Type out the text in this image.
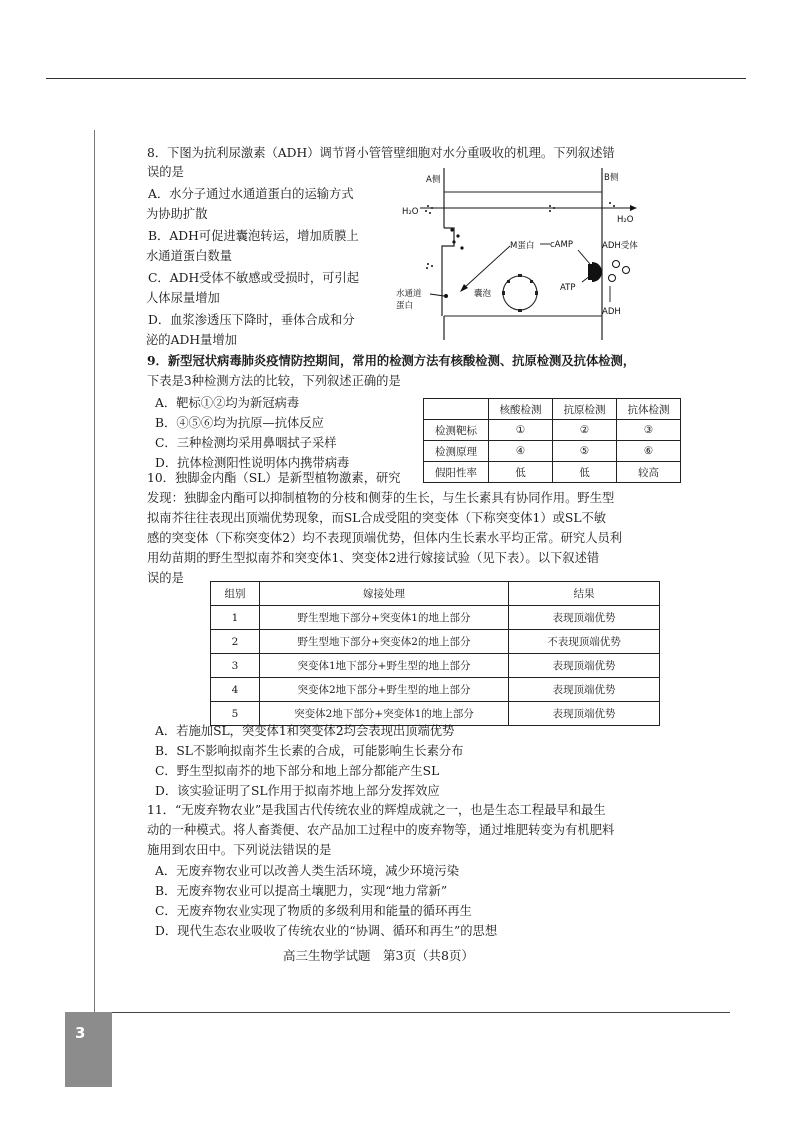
8．下图为抗利尿激素（ADH）调节肾小管管壁细胞对水分重吸收的机理。下列叙述错
误的是
A．水分子通过水通道蛋白的运输方式
为协助扩散
B．ADH可促进囊泡转运，增加质膜上
水通道蛋白数量
C．ADH受体不敏感或受损时，可引起
人体尿量增加
D．血浆渗透压下降时，垂体合成和分
泌的ADH量增加
A侧	B侧
H₂O
H₂O
囊泡
M蛋白 cAMP	ADH受体
ATP
ADH
水通道
蛋白
9．新型冠状病毒肺炎疫情防控期间，常用的检测方法有核酸检测、抗原检测及抗体检测，
下表是3种检测方法的比较，下列叙述正确的是
A．靶标①②均为新冠病毒
B．④⑤⑥均为抗原—抗体反应
C．三种检测均采用鼻咽拭子采样
D．抗体检测阳性说明体内携带病毒
	核酸检测	抗原检测	抗体检测
检测靶标	①	②	③
检测原理	④	⑤	⑥
假阳性率	低	低	较高
10．独脚金内酯（SL）是新型植物激素，研究
发现：独脚金内酯可以抑制植物的分枝和侧芽的生长，与生长素具有协同作用。野生型
拟南芥往往表现出顶端优势现象，而SL合成受阻的突变体（下称突变体1）或SL不敏
感的突变体（下称突变体2）均不表现顶端优势，但体内生长素水平均正常。研究人员利
用幼苗期的野生型拟南芥和突变体1、突变体2进行嫁接试验（见下表）。以下叙述错
误的是
组别	嫁接处理	结果
1	野生型地下部分+突变体1的地上部分	表现顶端优势
2	野生型地下部分+突变体2的地上部分	不表现顶端优势
3	突变体1地下部分+野生型的地上部分	表现顶端优势
4	突变体2地下部分+野生型的地上部分	表现顶端优势
5	突变体2地下部分+突变体1的地上部分	表现顶端优势
A．若施加SL，突变体1和突变体2均会表现出顶端优势
B．SL不影响拟南芥生长素的合成，可能影响生长素分布
C．野生型拟南芥的地下部分和地上部分都能产生SL
D．该实验证明了SL作用于拟南芥地上部分发挥效应
11．“无废弃物农业”是我国古代传统农业的辉煌成就之一，也是生态工程最早和最生
动的一种模式。将人畜粪便、农产品加工过程中的废弃物等，通过堆肥转变为有机肥料
施用到农田中。下列说法错误的是
A．无废弃物农业可以改善人类生活环境，减少环境污染
B．无废弃物农业可以提高土壤肥力，实现“地力常新”
C．无废弃物农业实现了物质的多级利用和能量的循环再生
D．现代生态农业吸收了传统农业的“协调、循环和再生”的思想
高三生物学试题　第3页（共8页）
3
